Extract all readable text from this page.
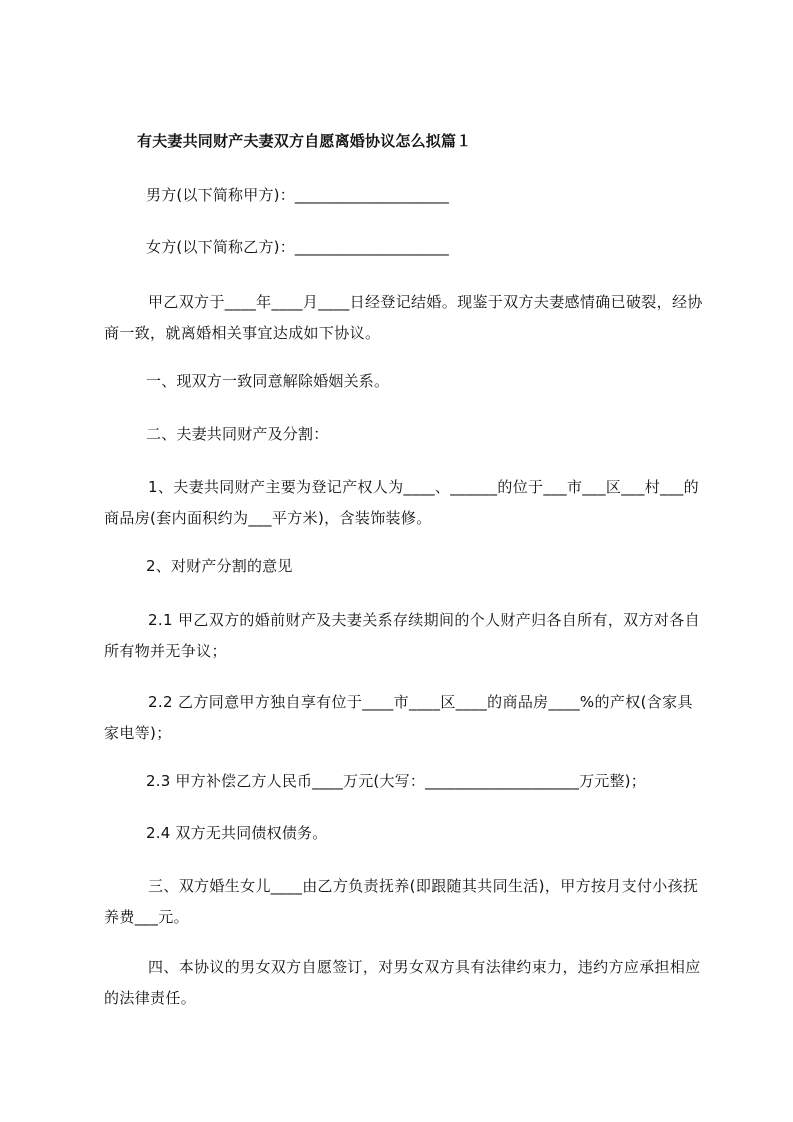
有夫妻共同财产夫妻双方自愿离婚协议怎么拟篇１
男方(以下简称甲方)：____________________
女方(以下简称乙方)：____________________
甲乙双方于____年____月____日经登记结婚。现鉴于双方夫妻感情确已破裂，经协商一致，就离婚相关事宜达成如下协议。
一、现双方一致同意解除婚姻关系。
二、夫妻共同财产及分割：
1、夫妻共同财产主要为登记产权人为____、______的位于___市___区___村___的商品房(套内面积约为___平方米)，含装饰装修。
2、对财产分割的意见
2.1 甲乙双方的婚前财产及夫妻关系存续期间的个人财产归各自所有，双方对各自所有物并无争议；
2.2 乙方同意甲方独自享有位于____市____区____的商品房____%的产权(含家具家电等)；
2.3 甲方补偿乙方人民币____万元(大写：____________________万元整)；
2.4 双方无共同债权债务。
三、双方婚生女儿____由乙方负责抚养(即跟随其共同生活)，甲方按月支付小孩抚养费___元。
四、本协议的男女双方自愿签订，对男女双方具有法律约束力，违约方应承担相应的法律责任。
